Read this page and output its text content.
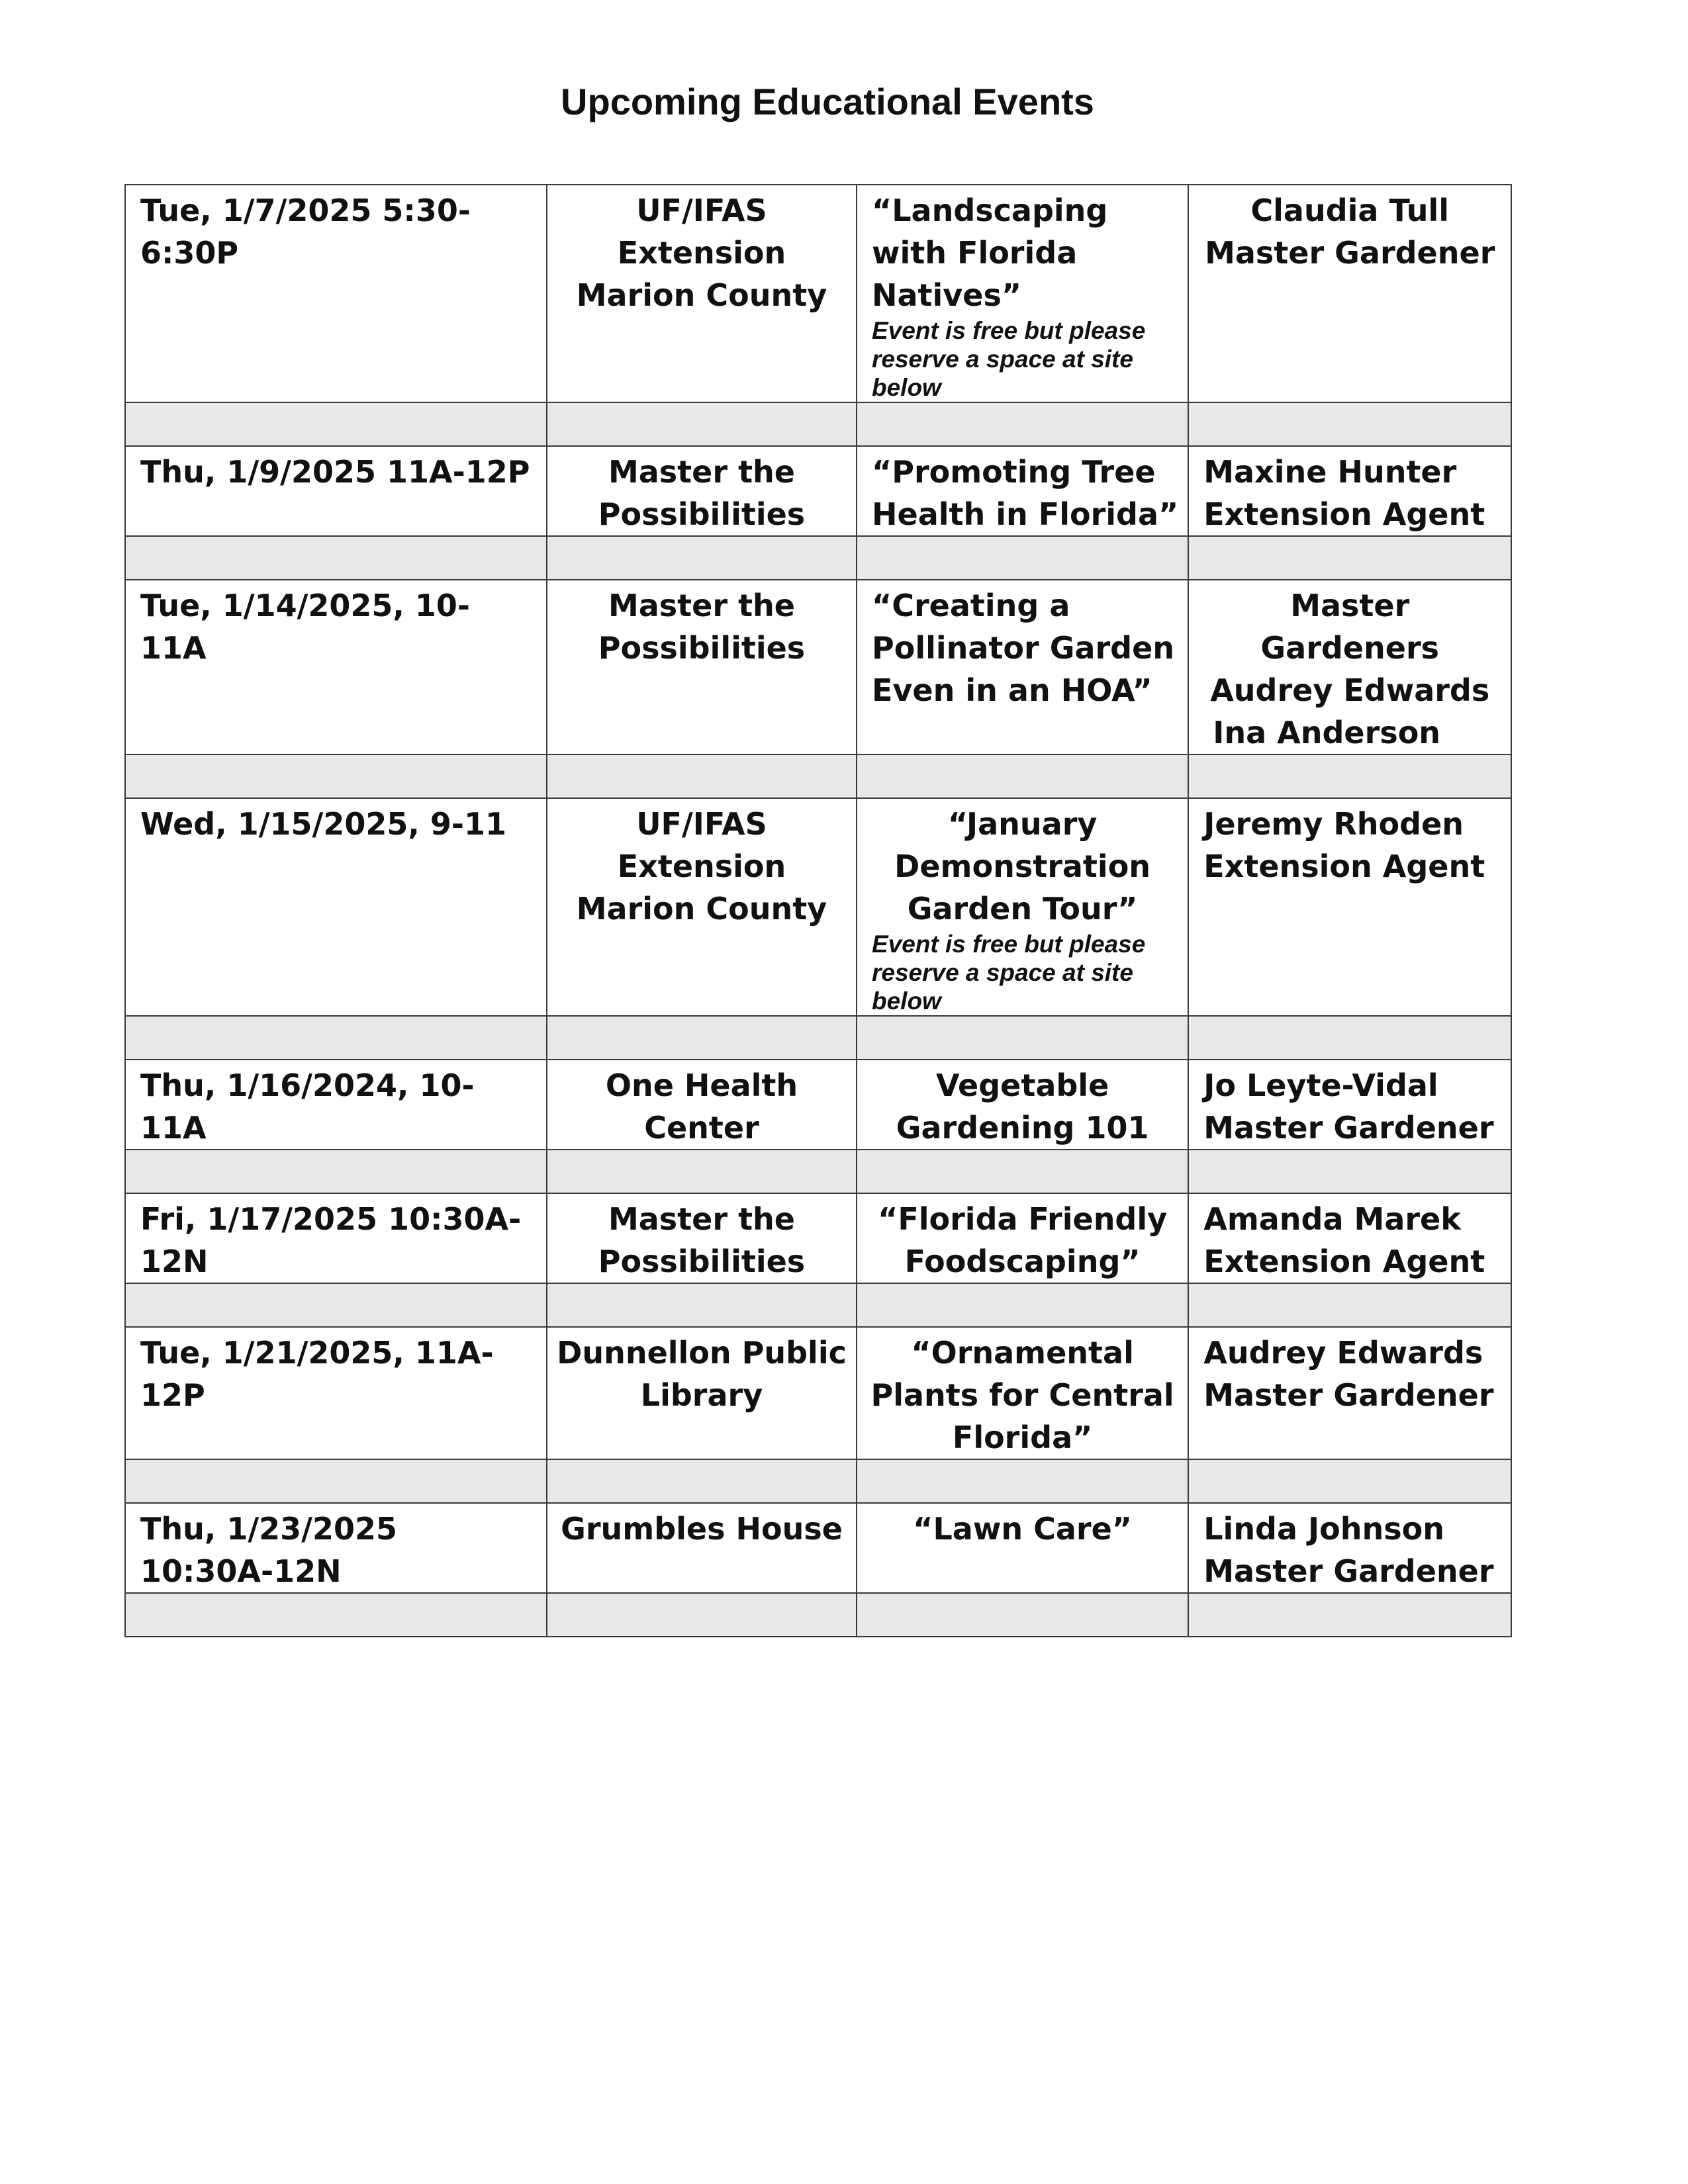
Upcoming Educational Events
Tue, 1/7/2025 5:30-6:30P	UF/IFAS
Extension
Marion County	“Landscaping
with Florida
Natives”
Event is free but please reserve a space at site below	Claudia Tull
Master Gardener

Thu, 1/9/2025 11A-12P	Master the
Possibilities	“Promoting Tree
Health in Florida”	Maxine Hunter
Extension Agent

Tue, 1/14/2025, 10-11A	Master the
Possibilities	“Creating a
Pollinator Garden
Even in an HOA”	Master
Gardeners
Audrey Edwards
Ina Anderson

Wed, 1/15/2025, 9-11	UF/IFAS
Extension
Marion County	“January
Demonstration
Garden Tour”
Event is free but please reserve a space at site below	Jeremy Rhoden
Extension Agent

Thu, 1/16/2024, 10-11A	One Health
Center	Vegetable
Gardening 101	Jo Leyte-Vidal
Master Gardener

Fri, 1/17/2025 10:30A-12N	Master the
Possibilities	“Florida Friendly
Foodscaping”	Amanda Marek
Extension Agent

Tue, 1/21/2025, 11A-12P	Dunnellon Public
Library	“Ornamental
Plants for Central
Florida”	Audrey Edwards
Master Gardener

Thu, 1/23/2025 10:30A-12N	Grumbles House	“Lawn Care”	Linda Johnson
Master Gardener
